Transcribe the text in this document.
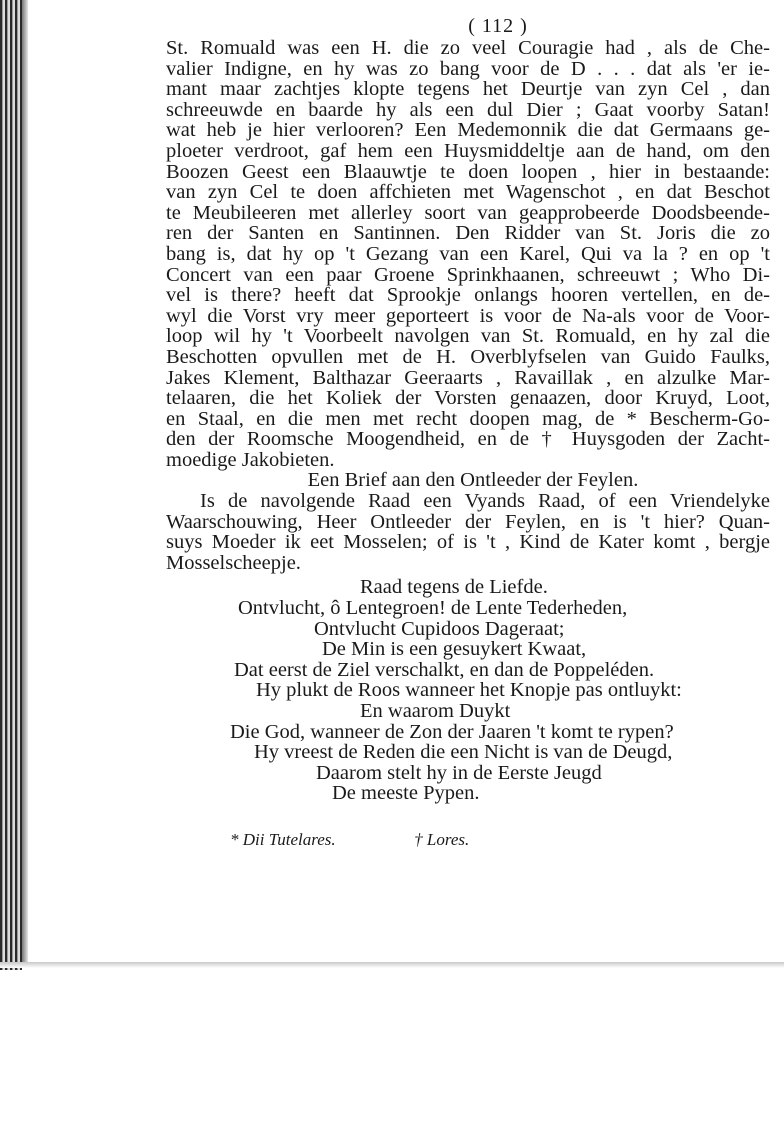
( 112 )
St. Romuald was een H. die zo veel Couragie had , als de Che-
valier Indigne, en hy was zo bang voor de D . . . dat als 'er ie-
mant maar zachtjes klopte tegens het Deurtje van zyn Cel , dan
schreeuwde en baarde hy als een dul Dier ; Gaat voorby Satan!
wat heb je hier verlooren? Een Medemonnik die dat Germaans ge-
ploeter verdroot, gaf hem een Huysmiddeltje aan de hand, om den
Boozen Geest een Blaauwtje te doen loopen , hier in bestaande:
van zyn Cel te doen affchieten met Wagenschot , en dat Beschot
te Meubileeren met allerley soort van geapprobeerde Doodsbeende-
ren der Santen en Santinnen. Den Ridder van St. Joris die zo
bang is, dat hy op 't Gezang van een Karel, Qui va la ? en op 't
Concert van een paar Groene Sprinkhaanen, schreeuwt ; Who Di-
vel is there? heeft dat Sprookje onlangs hooren vertellen, en de-
wyl die Vorst vry meer geporteert is voor de Na-als voor de Voor-
loop wil hy 't Voorbeelt navolgen van St. Romuald, en hy zal die
Beschotten opvullen met de H. Overblyfselen van Guido Faulks,
Jakes Klement, Balthazar Geeraarts , Ravaillak , en alzulke Mar-
telaaren, die het Koliek der Vorsten genaazen, door Kruyd, Loot,
en Staal, en die men met recht doopen mag, de * Bescherm-Go-
den der Roomsche Moogendheid, en de † Huysgoden der Zacht-
moedige Jakobieten.
Een Brief aan den Ontleeder der Feylen.
Is de navolgende Raad een Vyands Raad, of een Vriendelyke
Waarschouwing, Heer Ontleeder der Feylen, en is 't hier? Quan-
suys Moeder ik eet Mosselen; of is 't , Kind de Kater komt , bergje
Mosselscheepje.
Raad tegens de Liefde.
Ontvlucht, ô Lentegroen! de Lente Tederheden,
Ontvlucht Cupidoos Dageraat;
De Min is een gesuykert Kwaat,
Dat eerst de Ziel verschalkt, en dan de Poppeléden.
Hy plukt de Roos wanneer het Knopje pas ontluykt:
En waarom Duykt
Die God, wanneer de Zon der Jaaren 't komt te rypen?
Hy vreest de Reden die een Nicht is van de Deugd,
Daarom stelt hy in de Eerste Jeugd
De meeste Pypen.
* Dii Tutelares.	† Lores.
